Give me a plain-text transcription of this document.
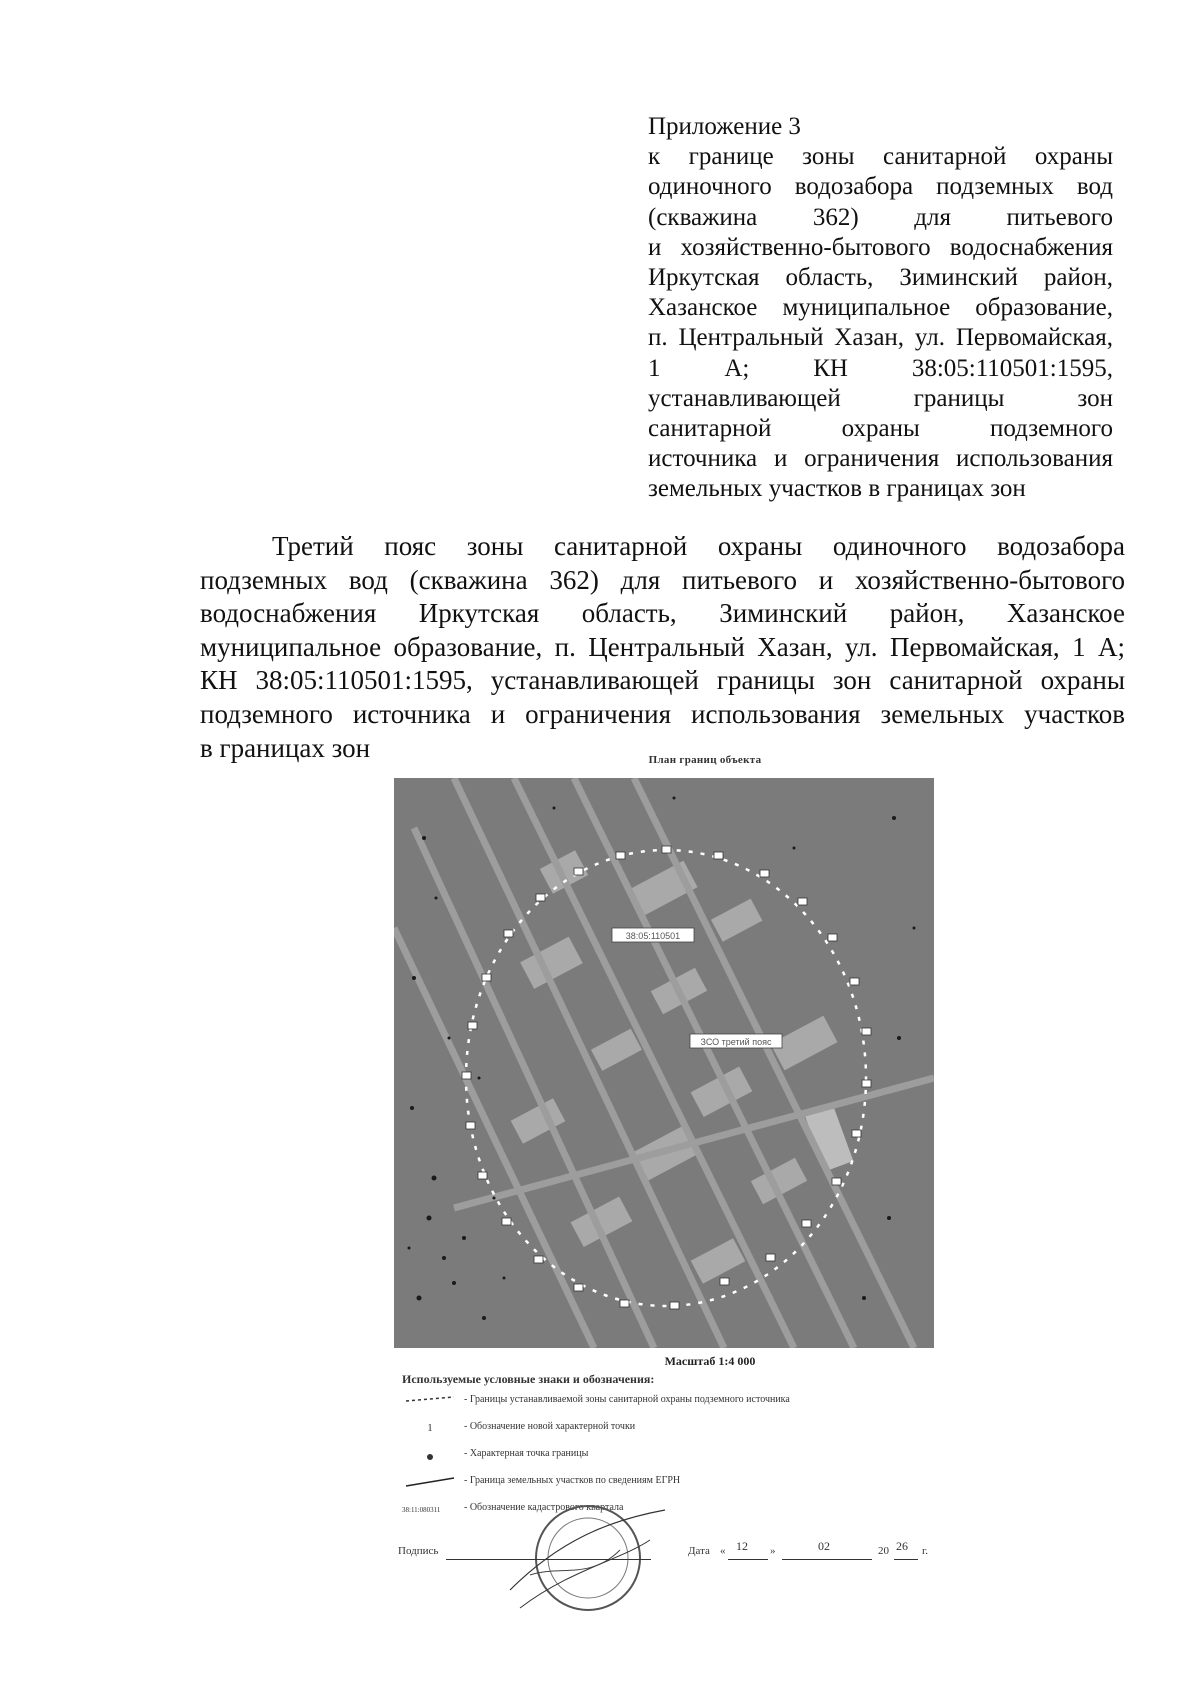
Приложение 3
к границе зоны санитарной охраны
одиночного водозабора подземных вод
(скважина 362) для питьевого
и хозяйственно-бытового водоснабжения
Иркутская область, Зиминский район,
Хазанское муниципальное образование,
п. Центральный Хазан, ул. Первомайская,
1 А; КН 38:05:110501:1595,
устанавливающей границы зон
санитарной охраны подземного
источника и ограничения использования
земельных участков в границах зон
Третий пояс зоны санитарной охраны одиночного водозабора
подземных вод (скважина 362) для питьевого и хозяйственно-бытового
водоснабжения Иркутская область, Зиминский район, Хазанское
муниципальное образование, п. Центральный Хазан, ул. Первомайская, 1 А;
КН 38:05:110501:1595, устанавливающей границы зон санитарной охраны
подземного источника и ограничения использования земельных участков
в границах зон	План границ объекта
38:05:110501
ЗСО третий пояс
Масштаб 1:4 000
Используемые условные знаки и обозначения:
- Границы устанавливаемой зоны санитарной охраны подземного источника
1	- Обозначение новой характерной точки
- Характерная точка границы
- Граница земельных участков по сведениям ЕГРН
38:11:080311	- Обозначение кадастрового квартала
Подпись	Дата « 12 »	02	20 26 г.
